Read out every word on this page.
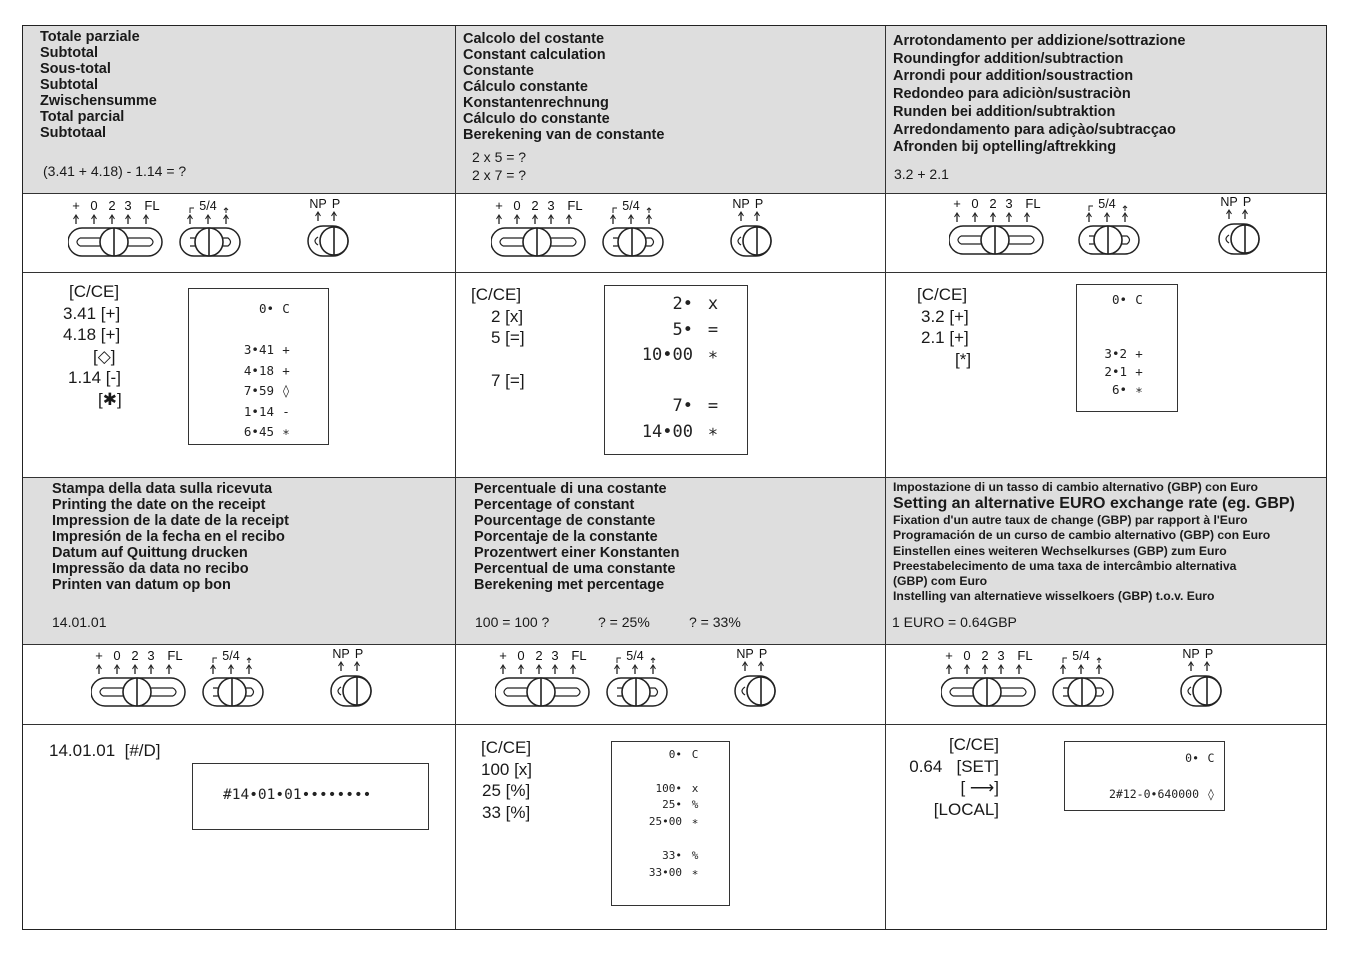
Totale parziale
Subtotal
Sous-total
Subtotal
Zwischensumme
Total parcial
Subtotaal
(3.41 + 4.18) - 1.14 = ?
+ 0 2 3 FL	5/4	NP P
[C/CE]
3.41 [+]
4.18 [+]
[◇]
1.14 [-]
[✱]
0• C
3•41 +
4•18 +
7•59 ◊
1•14 -
6•45 ∗
Calcolo del costante
Constant calculation
Constante
Cálculo constante
Konstantenrechnung
Cálculo do constante
Berekening van de constante
2 x 5 = ?
2 x 7 = ?
+ 0 2 3 FL	5/4	NP P
[C/CE]
2 [x]
5 [=]
7 [=]
2• x
5• =
10•00 ∗
7• =
14•00 ∗
Arrotondamento per addizione/sottrazione
Roundingfor addition/subtraction
Arrondi pour addition/soustraction
Redondeo para adiciòn/sustraciòn
Runden bei addition/subtraktion
Arredondamento para adiçào/subtracçao
Afronden bij optelling/aftrekking
3.2 + 2.1
+ 0 2 3 FL	5/4	NP P
[C/CE]
3.2 [+]
2.1 [+]
[*]
0• C
3•2 +
2•1 +
6• ∗
Stampa della data sulla ricevuta
Printing the date on the receipt
Impression de la date de la receipt
Impresión de la fecha en el recibo
Datum auf Quittung drucken
Impressão da data no recibo
Printen van datum op bon
14.01.01
+ 0 2 3 FL	5/4	NP P
14.01.01  [#/D]
#14•01•01••••••••
Percentuale di una costante
Percentage of constant
Pourcentage de constante
Porcentaje de la constante
Prozentwert einer Konstanten
Percentual de uma constante
Berekening met percentage
100 = 100 ?	? = 25%	? = 33%
+ 0 2 3 FL	5/4	NP P
[C/CE]
100 [x]
25 [%]
33 [%]
0• C
100• x
25• %
25•00 ∗
33• %
33•00 ∗
Impostazione di un tasso di cambio alternativo (GBP) con Euro
Setting an alternative EURO exchange rate (eg. GBP)
Fixation d'un autre taux de change (GBP) par rapport à l'Euro
Programación de un curso de cambio alternativo (GBP) con Euro
Einstellen eines weiteren Wechselkurses (GBP) zum Euro
Preestabelecimento de uma taxa de intercâmbio alternativa
(GBP) com Euro
Instelling van alternatieve wisselkoers (GBP) t.o.v. Euro
1 EURO = 0.64GBP
+ 0 2 3 FL	5/4	NP P
[C/CE]
0.64   [SET]
[ ⟶]
[LOCAL]
0• C
2#12-0•640000 ◊
